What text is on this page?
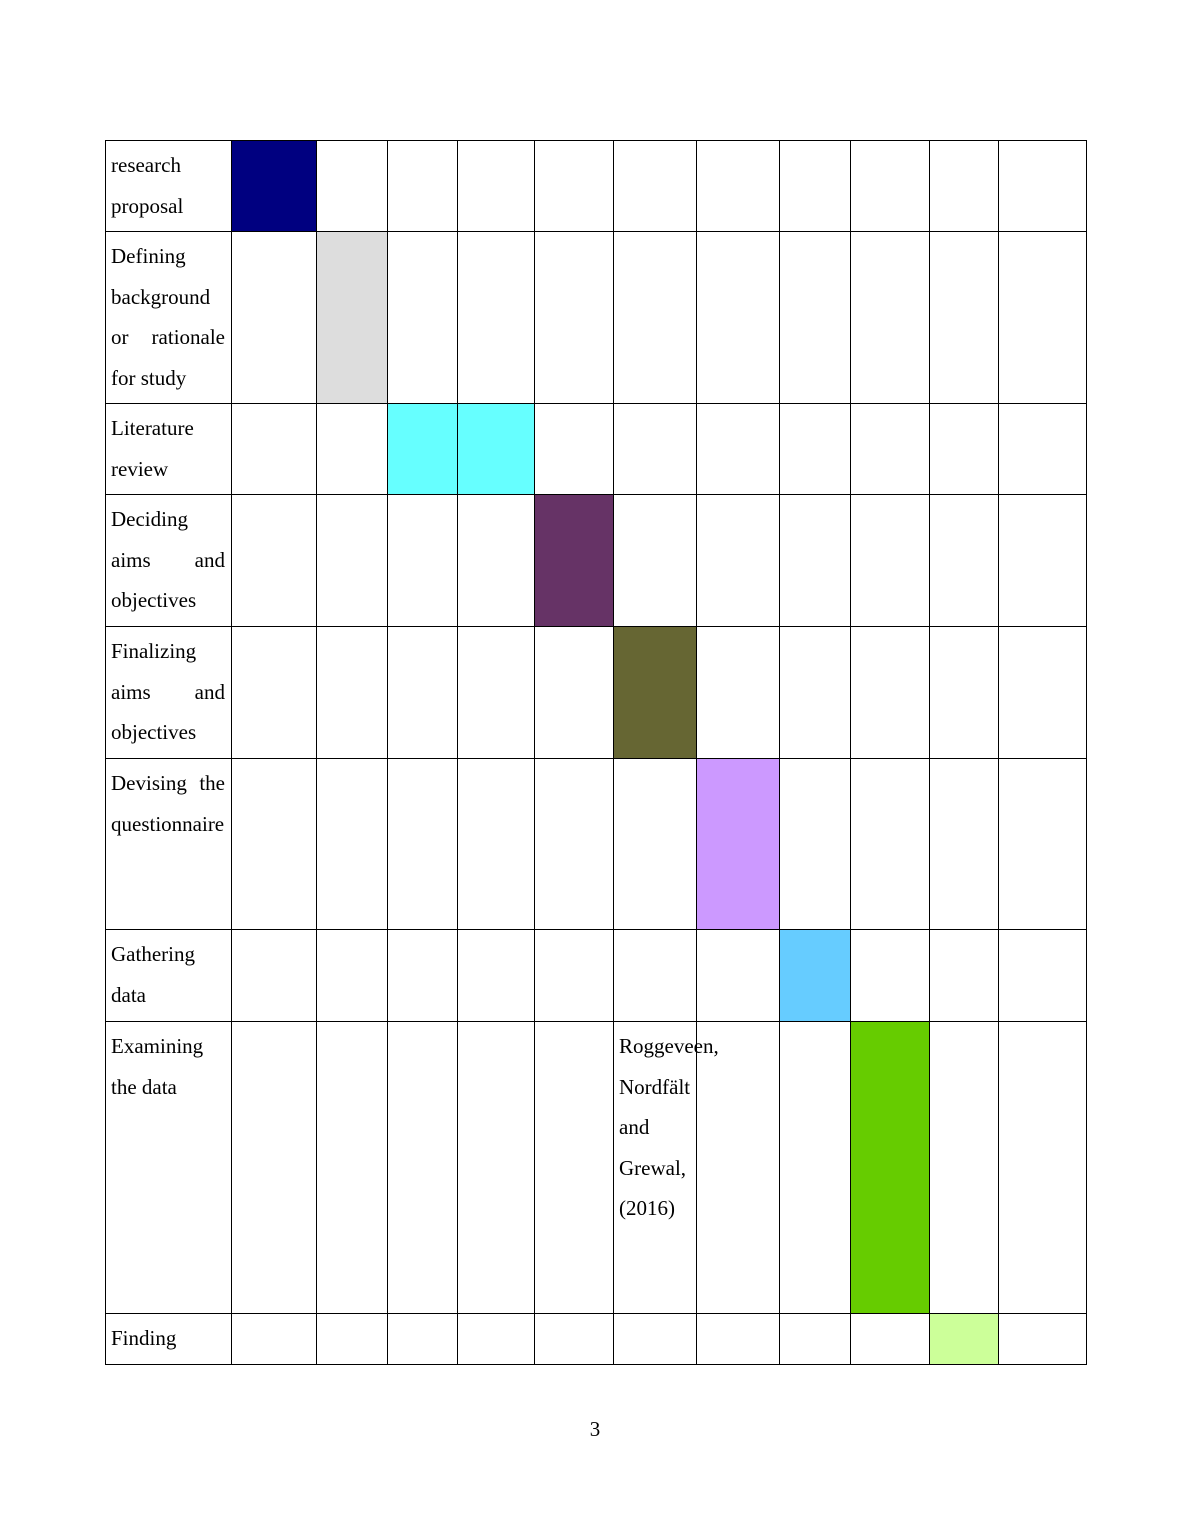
research proposal											
Defining background or rationale for study											
Literature review											
Deciding aims and objectives											
Finalizing aims and objectives											
Devising the questionnaire											
Gathering data											
Examining the data						Roggeveen, Nordfält and Grewal, (2016)					
Finding											
3
